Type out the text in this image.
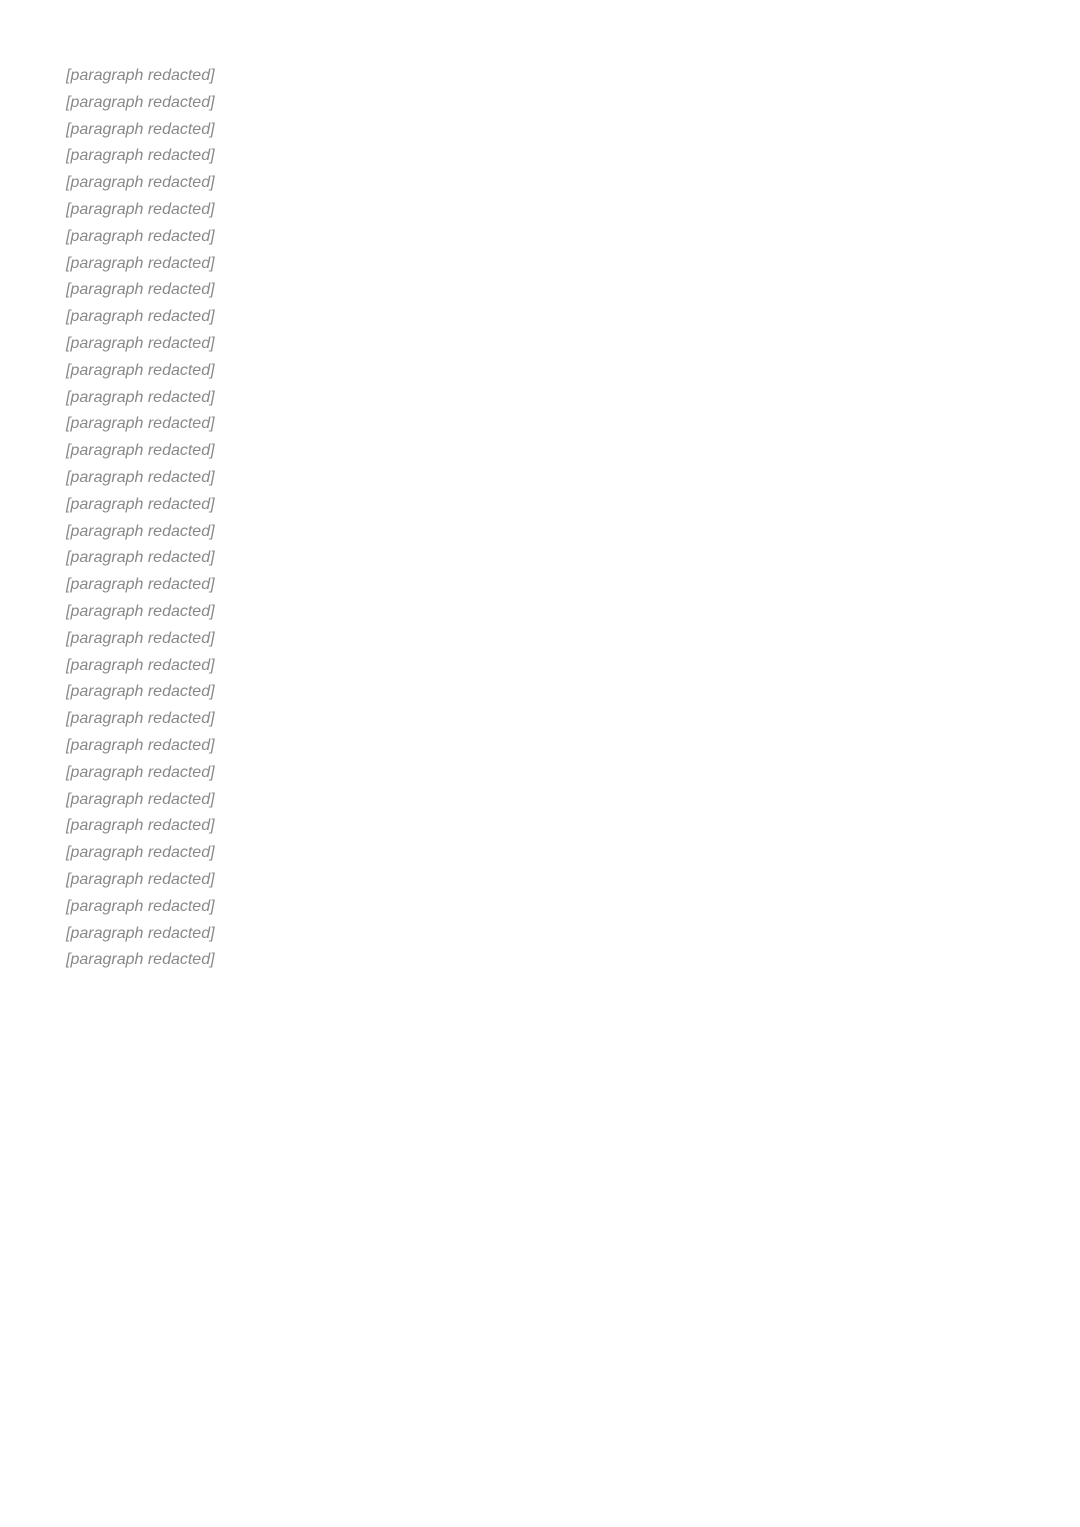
[paragraph redacted]

[paragraph redacted]

[paragraph redacted]

[paragraph redacted]

[paragraph redacted]

[paragraph redacted]

[paragraph redacted]

[paragraph redacted]

[paragraph redacted]

[paragraph redacted]

[paragraph redacted]

[paragraph redacted]

[paragraph redacted]

[paragraph redacted]

[paragraph redacted]

[paragraph redacted]

[paragraph redacted]

[paragraph redacted]

[paragraph redacted]

[paragraph redacted]

[paragraph redacted]

[paragraph redacted]

[paragraph redacted]

[paragraph redacted]

[paragraph redacted]

[paragraph redacted]

[paragraph redacted]

[paragraph redacted]

[paragraph redacted]

[paragraph redacted]

[paragraph redacted]

[paragraph redacted]

[paragraph redacted]

[paragraph redacted]
